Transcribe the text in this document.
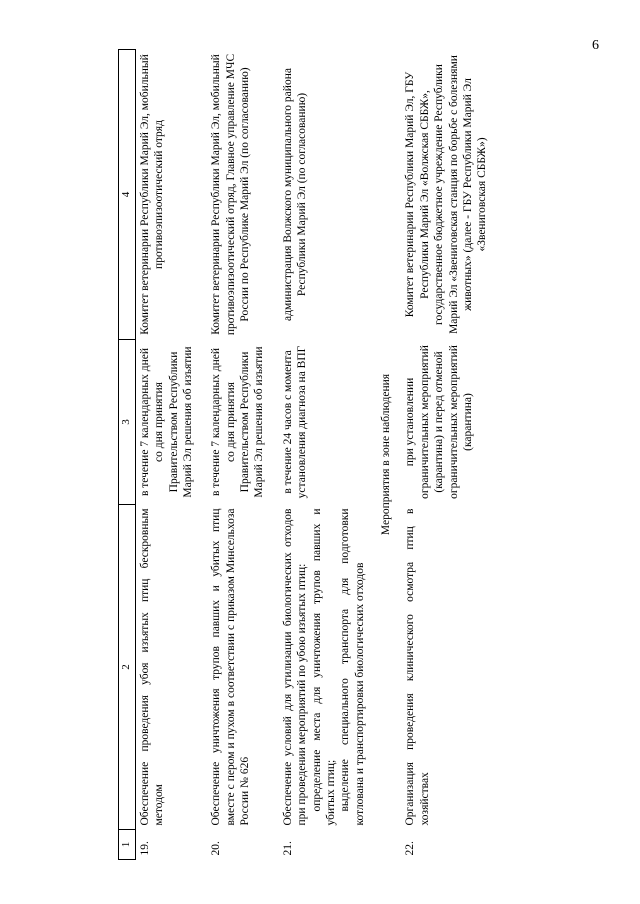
6
1	2	3	4
19.	Обеспечение проведения убоя изъятых птиц бескровным методом	в течение 7 календарных дней со дня принятия Правительством Республики Марий Эл решения об изъятии	Комитет ветеринарии Республики Марий Эл, мобильный противоэпизоотический отряд
20.	Обеспечение уничтожения трупов павших и убитых птиц вместе с пером и пухом в соответствии с приказом Минсельхоза России № 626	в течение 7 календарных дней со дня принятия Правительством Республики Марий Эл решения об изъятии	Комитет ветеринарии Республики Марий Эл, мобильный противоэпизоотический отряд, Главное управление МЧС России по Республике Марий Эл (по согласованию)
21.	Обеспечение условий для утилизации биологических отходов при проведении мероприятий по убою изъятых птиц: определение места для уничтожения трупов павших и убитых птиц; выделение специального транспорта для подготовки котлована и транспортировки биологических отходов	в течение 24 часов с момента установления диагноза на ВПГ	администрация Волжского муниципального района Республики Марий Эл (по согласованию)
Мероприятия в зоне наблюдения			
22.	Организация проведения клинического осмотра птиц в хозяйствах	при установлении ограничительных мероприятий (карантина) и перед отменой ограничительных мероприятий (карантина)	Комитет ветеринарии Республики Марий Эл, ГБУ Республики Марий Эл «Волжская СББЖ», государственное бюджетное учреждение Республики Марий Эл «Звениговская станция по борьбе с болезнями животных» (далее - ГБУ Республики Марий Эл «Звениговская СББЖ»)
